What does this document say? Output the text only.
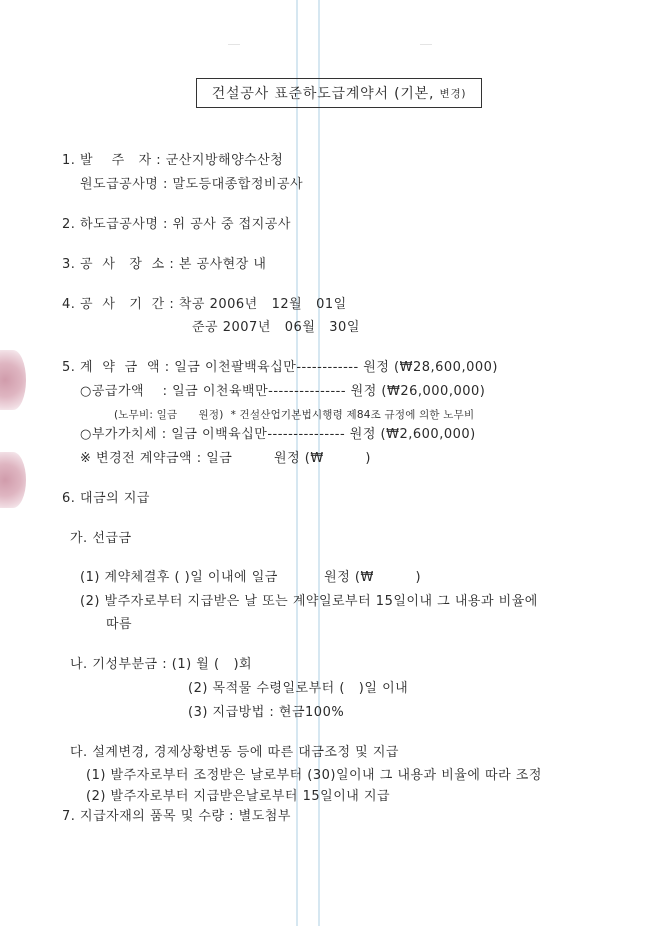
건설공사 표준하도급계약서 (기본,
변경)
1. 발    주   자 : 군산지방해양수산청
원도급공사명 : 말도등대종합정비공사
2. 하도급공사명 : 위 공사 중 접지공사
3. 공  사   장  소 : 본 공사현장 내
4. 공  사   기  간 : 착공 2006년   12월   01일
준공 2007년   06월   30일
5. 계  약  금  액 : 일금 이천팔백육십만------------ 원정 (₩28,600,000)
○공급가액    : 일금 이천육백만--------------- 원정 (₩26,000,000)
(노무비: 일금      원정)  * 건설산업기본법시행령 제84조 규정에 의한 노무비
○부가가치세 : 일금 이백육십만--------------- 원정 (₩2,600,000)
※ 변경전 계약금액 : 일금         원정 (₩         )
6. 대금의 지급
가. 선급금
(1) 계약체결후 ( )일 이내에 일금          원정 (₩         )
(2) 발주자로부터 지급받은 날 또는 계약일로부터 15일이내 그 내용과 비율에
따름
나. 기성부분금 : (1) 월 (   )회
(2) 목적물 수령일로부터 (   )일 이내
(3) 지급방법 : 현금100%
다. 설계변경, 경제상황변동 등에 따른 대금조정 및 지급
(1) 발주자로부터 조정받은 날로부터 (30)일이내 그 내용과 비율에 따라 조정
(2) 발주자로부터 지급받은날로부터 15일이내 지급
7. 지급자재의 품목 및 수량 : 별도첨부
